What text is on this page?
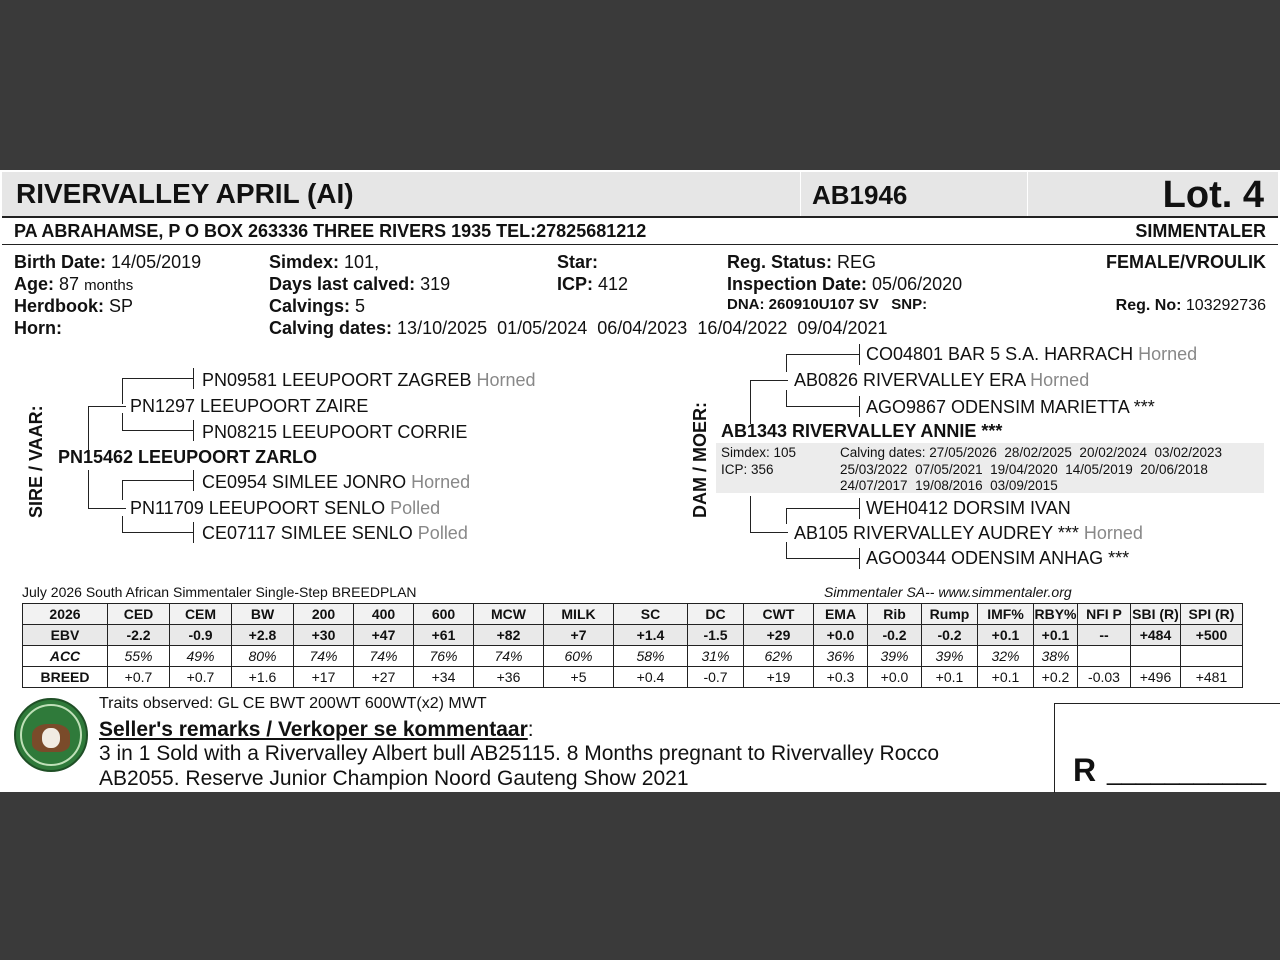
RIVERVALLEY APRIL (AI)	AB1946	Lot. 4
PA ABRAHAMSE, P O BOX 263336 THREE RIVERS 1935 TEL:27825681212	SIMMENTALER
Birth Date: 14/05/2019
Age: 87 months
Herdbook: SP
Horn:
Simdex: 101,
Days last calved: 319
Calvings: 5
Calving dates: 13/10/2025  01/05/2024  06/04/2023  16/04/2022  09/04/2021
Star:
ICP: 412
Reg. Status: REG
Inspection Date: 05/06/2020
DNA: 260910U107 SV SNP:
FEMALE/VROULIK
Reg. No: 103292736
SIRE / VAAR:
PN09581 LEEUPOORT ZAGREB Horned
PN1297 LEEUPOORT ZAIRE
PN08215 LEEUPOORT CORRIE
PN15462 LEEUPOORT ZARLO
CE0954 SIMLEE JONRO Horned
PN11709 LEEUPOORT SENLO Polled
CE07117 SIMLEE SENLO Polled
DAM / MOER:
CO04801 BAR 5 S.A. HARRACH Horned
AB0826 RIVERVALLEY ERA Horned
AGO9867 ODENSIM MARIETTA ***
AB1343 RIVERVALLEY ANNIE ***
Simdex: 105
ICP: 356
Calving dates: 27/05/2026  28/02/2025  20/02/2024  03/02/2023
25/03/2022  07/05/2021  19/04/2020  14/05/2019  20/06/2018
24/07/2017  19/08/2016  03/09/2015
WEH0412 DORSIM IVAN
AB105 RIVERVALLEY AUDREY *** Horned
AGO0344 ODENSIM ANHAG ***
July 2026 South African Simmentaler Single-Step BREEDPLAN	Simmentaler SA-- www.simmentaler.org
2026	CED	CEM	BW	200	400	600	MCW	MILK	SC	DC	CWT	EMA	Rib	Rump	IMF%	RBY%	NFI P	SBI (R)	SPI (R)
EBV	-2.2	-0.9	+2.8	+30	+47	+61	+82	+7	+1.4	-1.5	+29	+0.0	-0.2	-0.2	+0.1	+0.1	--	+484	+500
ACC	55%	49%	80%	74%	74%	76%	74%	60%	58%	31%	62%	36%	39%	39%	32%	38%			
BREED	+0.7	+0.7	+1.6	+17	+27	+34	+36	+5	+0.4	-0.7	+19	+0.3	+0.0	+0.1	+0.1	+0.2	-0.03	+496	+481
Traits observed: GL CE BWT 200WT 600WT(x2) MWT
Seller's remarks / Verkoper se kommentaar:
3 in 1 Sold with a Rivervalley Albert bull AB25115. 8 Months pregnant to Rivervalley Rocco
AB2055. Reserve Junior Champion Noord Gauteng Show 2021	R ___________
